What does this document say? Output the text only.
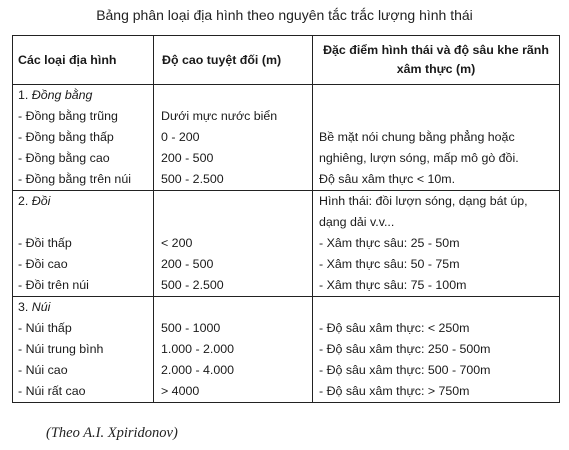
Bảng phân loại địa hình theo nguyên tắc trắc lượng hình thái
Các loại địa hình	Độ cao tuyệt đối (m)	Đặc điểm hình thái và độ sâu khe rãnh xâm thực (m)
1. Đồng bằng		
- Đồng bằng trũng	Dưới mực nước biển	
- Đồng bằng thấp	0 - 200	Bề mặt nói chung bằng phẳng hoặc
- Đồng bằng cao	200 - 500	nghiêng, lượn sóng, mấp mô gò đồi.
- Đồng bằng trên núi	500 - 2.500	Độ sâu xâm thực < 10m.
2. Đồi		Hình thái: đồi lượn sóng, dạng bát úp,
		dạng dải v.v...
- Đồi thấp	< 200	- Xâm thực sâu: 25 - 50m
- Đồi cao	200 - 500	- Xâm thực sâu: 50 - 75m
- Đồi trên núi	500 - 2.500	- Xâm thực sâu: 75 - 100m
3. Núi		
- Núi thấp	500 - 1000	- Độ sâu xâm thực: < 250m
- Núi trung bình	1.000 - 2.000	- Độ sâu xâm thực: 250 - 500m
- Núi cao	2.000 - 4.000	- Độ sâu xâm thực: 500 - 700m
- Núi rất cao	> 4000	- Độ sâu xâm thực: > 750m
(Theo A.I. Xpiridonov)
